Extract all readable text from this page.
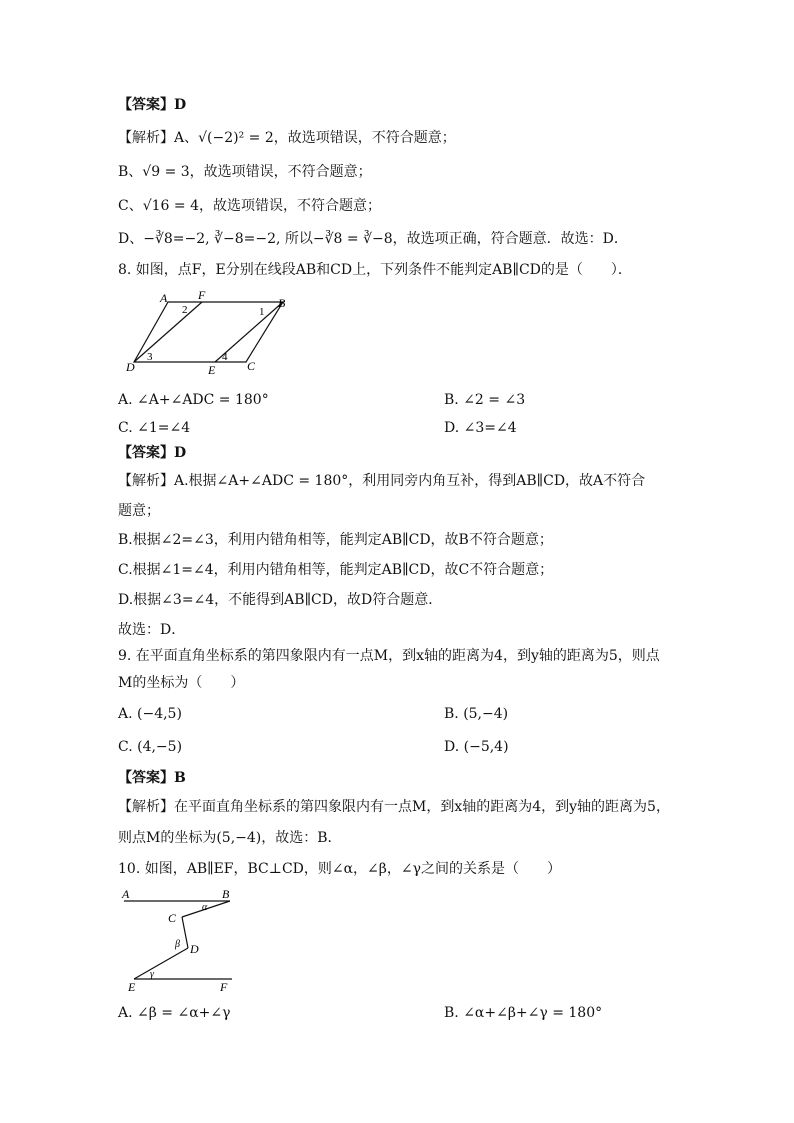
【答案】D
【解析】A、√(−2)² = 2，故选项错误，不符合题意；
B、√9 = 3，故选项错误，不符合题意；
C、√16 = 4，故选项错误，不符合题意；
D、−∛8=−2, ∛−8=−2, 所以−∛8 = ∛−8，故选项正确，符合题意．故选：D．
8. 如图，点F，E分别在线段AB和CD上，下列条件不能判定AB∥CD的是（　　）．
A	F
B
D	E	C
1
2
3	4
A. ∠A+∠ADC = 180°	B. ∠2 = ∠3
C. ∠1=∠4	D. ∠3=∠4
【答案】D
【解析】A.根据∠A+∠ADC = 180°，利用同旁内角互补，得到AB∥CD，故A不符合
题意；
B.根据∠2=∠3，利用内错角相等，能判定AB∥CD，故B不符合题意；
C.根据∠1=∠4，利用内错角相等，能判定AB∥CD，故C不符合题意；
D.根据∠3=∠4，不能得到AB∥CD，故D符合题意．
故选：D．
9. 在平面直角坐标系的第四象限内有一点M，到x轴的距离为4，到y轴的距离为5，则点
M的坐标为（　　）
A. (−4,5)	B. (5,−4)
C. (4,−5)	D. (−5,4)
【答案】B
【解析】在平面直角坐标系的第四象限内有一点M，到x轴的距离为4，到y轴的距离为5，
则点M的坐标为(5,−4)，故选：B．
10. 如图，AB∥EF，BC⊥CD，则∠α，∠β，∠γ之间的关系是（　　）
A	B
C
D
E	F
α
β
γ
A. ∠β = ∠α+∠γ	B. ∠α+∠β+∠γ = 180°
